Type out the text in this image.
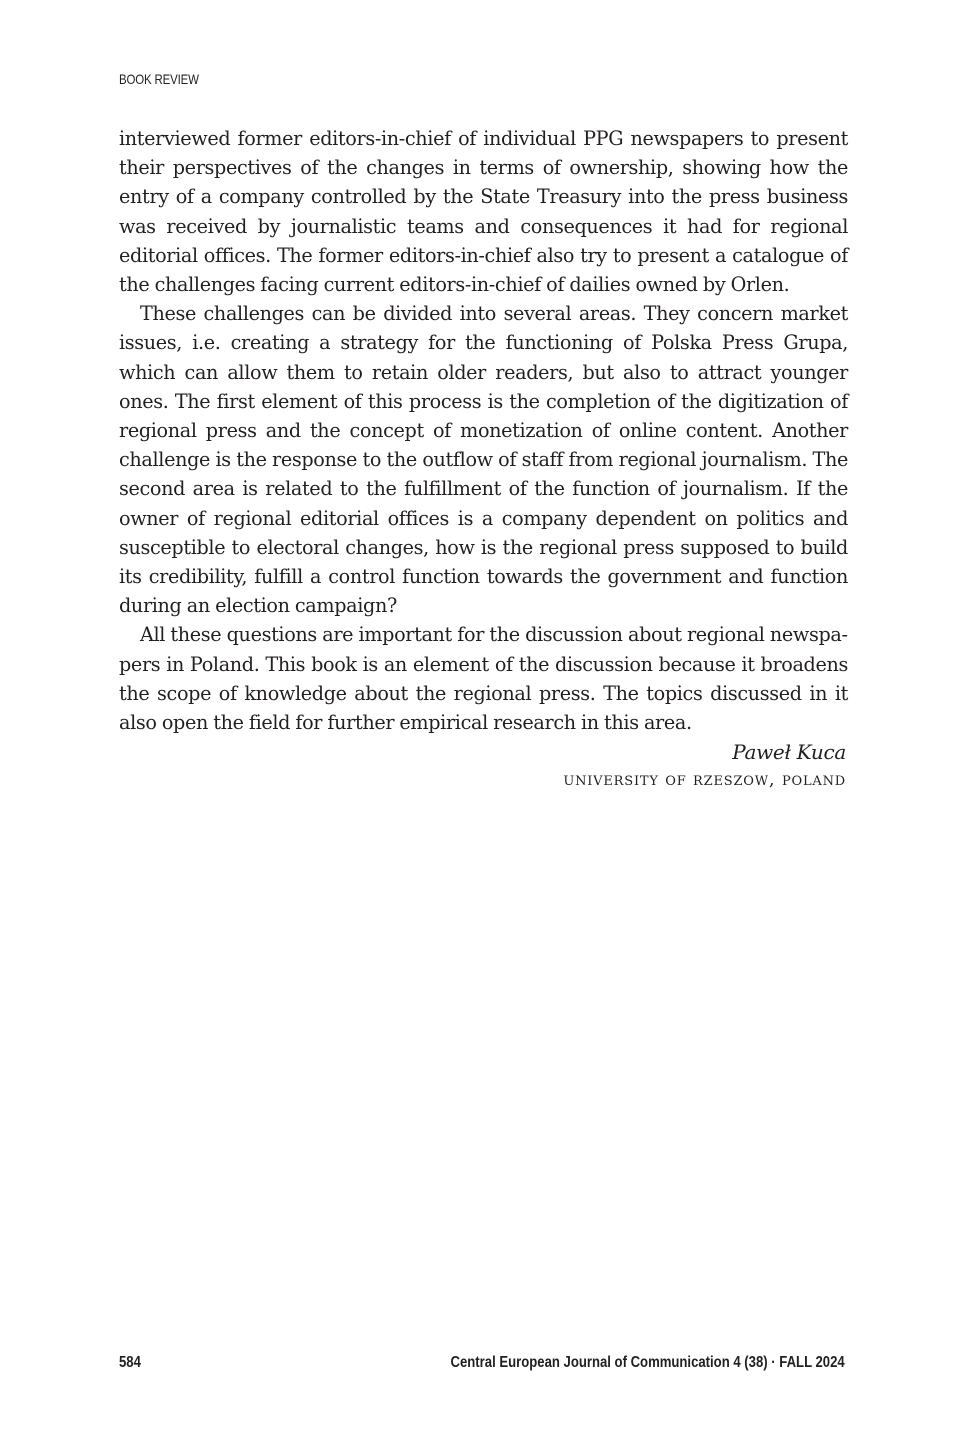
BOOK REVIEW

interviewed former editors-in-chief of individual PPG newspapers to present their perspectives of the changes in terms of ownership, showing how the entry of a company controlled by the State Treasury into the press business was received by journalistic teams and consequences it had for regional editorial offices. The former editors-in-chief also try to present a catalogue of the challenges facing current editors-in-chief of dailies owned by Orlen.

These challenges can be divided into several areas. They concern market issues, i.e. creating a strategy for the functioning of Polska Press Grupa, which can allow them to retain older readers, but also to attract younger ones. The first element of this process is the completion of the digitization of regional press and the concept of monetization of online content. Another challenge is the response to the outflow of staff from regional journalism. The second area is related to the fulfillment of the function of journalism. If the owner of regional editorial offices is a company dependent on politics and susceptible to electoral changes, how is the regional press supposed to build its credibility, fulfill a control function towards the government and function during an election campaign?

All these questions are important for the discussion about regional newspapers in Poland. This book is an element of the discussion because it broadens the scope of knowledge about the regional press. The topics discussed in it also open the field for further empirical research in this area.

Paweł Kuca
university of rzeszow, poland
584	Central European Journal of Communication 4 (38) · FALL 2024
